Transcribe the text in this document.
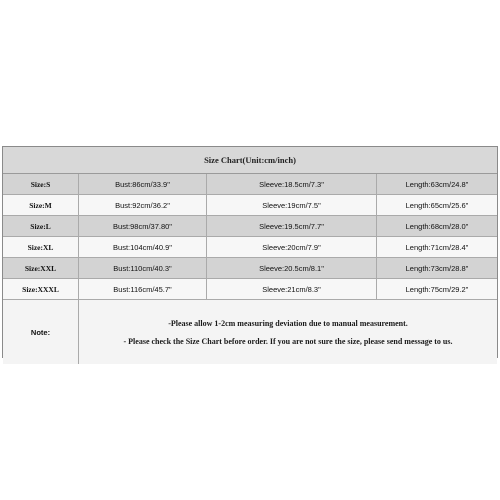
Size Chart(Unit:cm/inch)
Size:S	Bust:86cm/33.9"	Sleeve:18.5cm/7.3"	Length:63cm/24.8"
Size:M	Bust:92cm/36.2"	Sleeve:19cm/7.5"	Length:65cm/25.6"
Size:L	Bust:98cm/37.80"	Sleeve:19.5cm/7.7"	Length:68cm/28.0"
Size:XL	Bust:104cm/40.9"	Sleeve:20cm/7.9"	Length:71cm/28.4"
Size:XXL	Bust:110cm/40.3"	Sleeve:20.5cm/8.1"	Length:73cm/28.8"
Size:XXXL	Bust:116cm/45.7"	Sleeve:21cm/8.3"	Length:75cm/29.2"
Note:
-Please allow 1-2cm measuring deviation due to manual measurement.
- Please check the Size Chart before order. If you are not sure the size, please send message to us.
